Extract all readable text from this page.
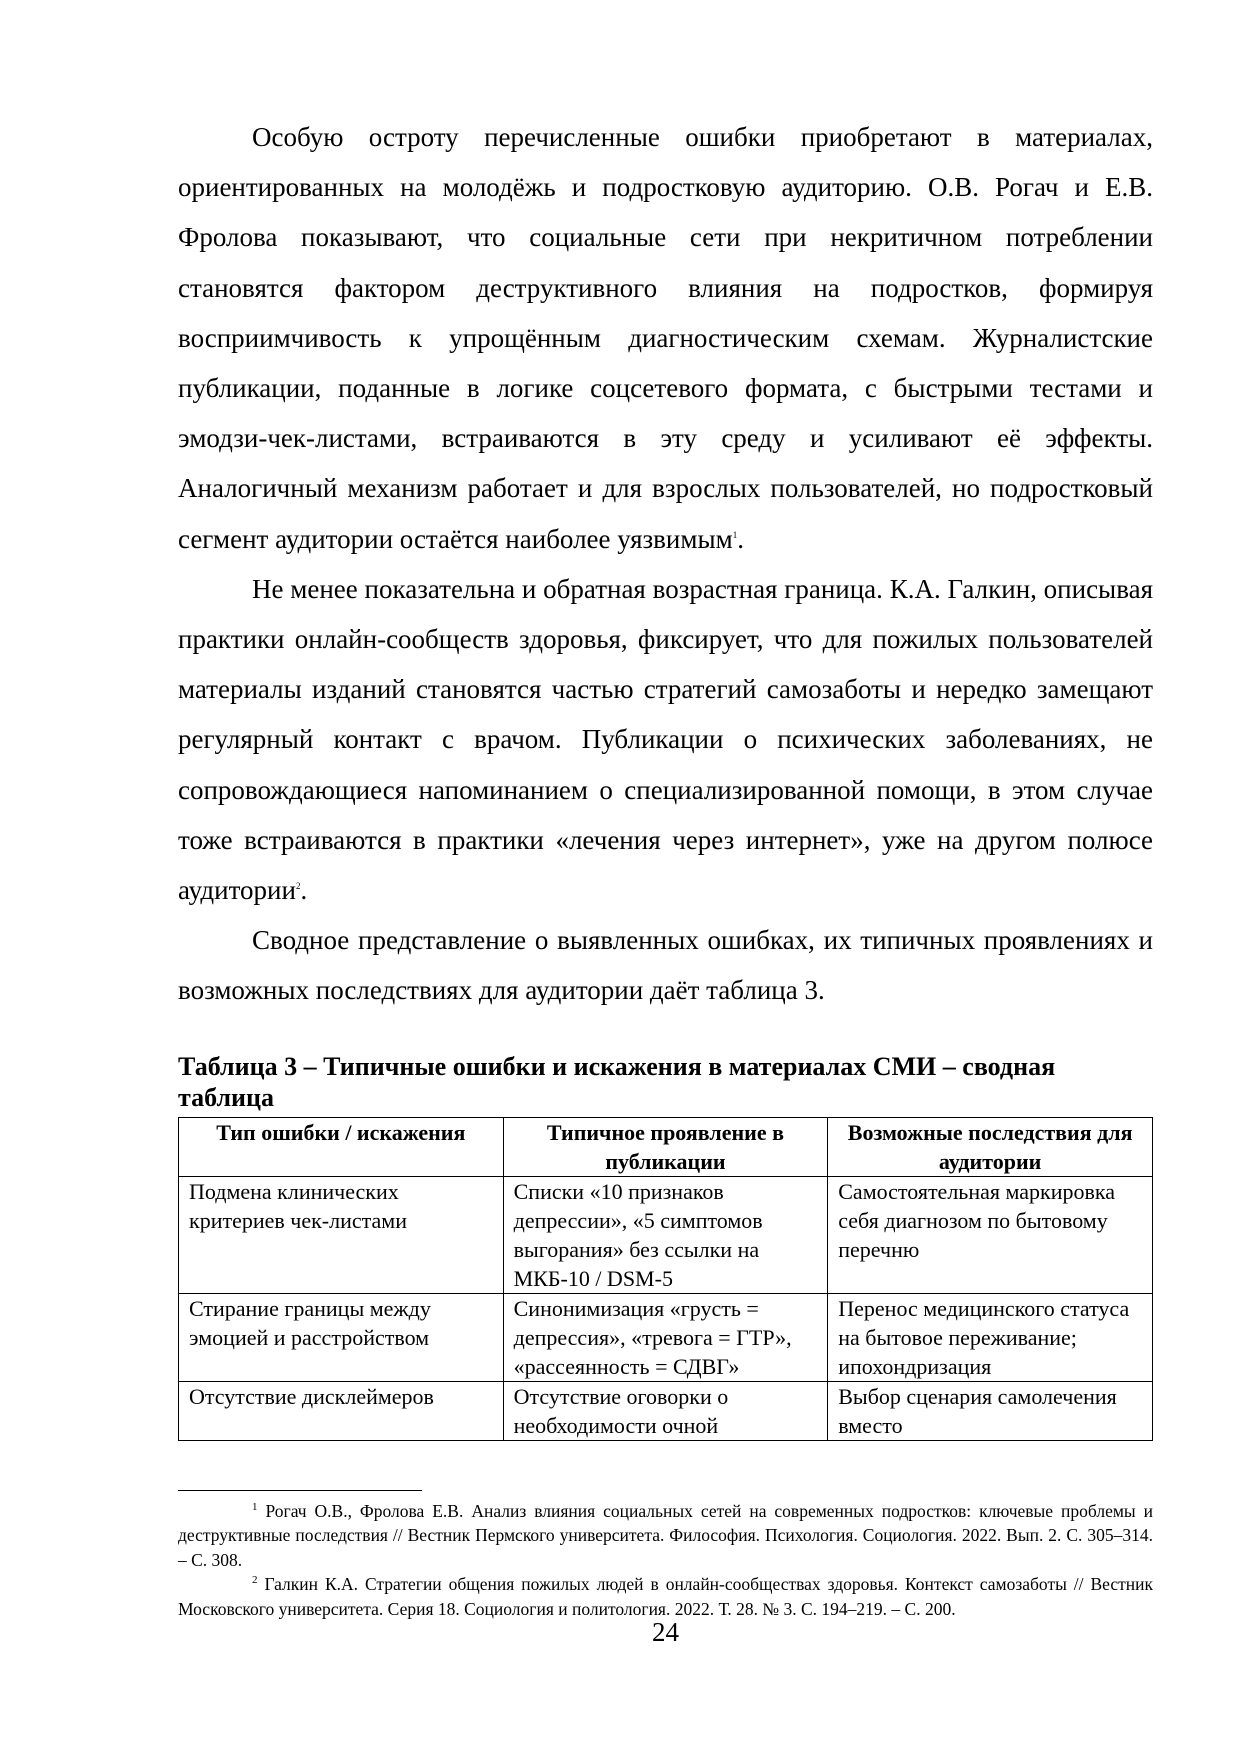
Особую остроту перечисленные ошибки приобретают в материалах, ориентированных на молодёжь и подростковую аудиторию. О.В. Рогач и Е.В. Фролова показывают, что социальные сети при некритичном потреблении становятся фактором деструктивного влияния на подростков, формируя восприимчивость к упрощённым диагностическим схемам. Журналистские публикации, поданные в логике соцсетевого формата, с быстрыми тестами и эмодзи-чек-листами, встраиваются в эту среду и усиливают её эффекты. Аналогичный механизм работает и для взрослых пользователей, но подростковый сегмент аудитории остаётся наиболее уязвимым$^1$.

Не менее показательна и обратная возрастная граница. К.А. Галкин, описывая практики онлайн-сообществ здоровья, фиксирует, что для пожилых пользователей материалы изданий становятся частью стратегий самозаботы и нередко замещают регулярный контакт с врачом. Публикации о психических заболеваниях, не сопровождающиеся напоминанием о специализированной помощи, в этом случае тоже встраиваются в практики «лечения через интернет», уже на другом полюсе аудитории$^2$.

Сводное представление о выявленных ошибках, их типичных проявлениях и возможных последствиях для аудитории даёт таблица 3.

Таблица 3 – Типичные ошибки и искажения в материалах СМИ – сводная таблица
Тип ошибки / искажения	Типичное проявление в публикации	Возможные последствия для аудитории
Подмена клинических критериев чек-листами	Списки «10 признаков депрессии», «5 симптомов выгорания» без ссылки на МКБ-10 / DSM-5	Самостоятельная маркировка себя диагнозом по бытовому перечню
Стирание границы между эмоцией и расстройством	Синонимизация «грусть = депрессия», «тревога = ГТР», «рассеянность = СДВГ»	Перенос медицинского статуса на бытовое переживание; ипохондризация
Отсутствие дисклеймеров	Отсутствие оговорки о необходимости очной	Выбор сценария самолечения вместо

$^1$ Рогач О.В., Фролова Е.В. Анализ влияния социальных сетей на современных подростков: ключевые проблемы и деструктивные последствия // Вестник Пермского университета. Философия. Психология. Социология. 2022. Вып. 2. С. 305–314. – С. 308.

$^2$ Галкин К.А. Стратегии общения пожилых людей в онлайн-сообществах здоровья. Контекст самозаботы // Вестник Московского университета. Серия 18. Социология и политология. 2022. Т. 28. № 3. С. 194–219. – С. 200.

24
